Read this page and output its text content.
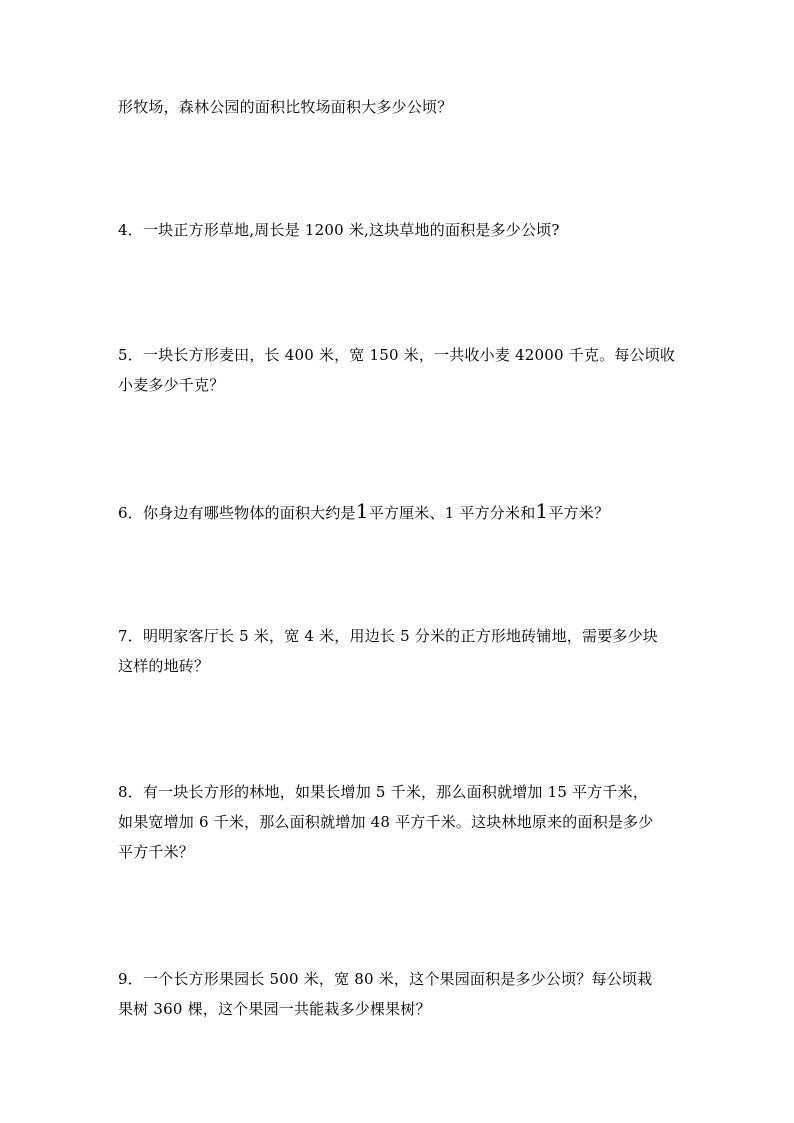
形牧场，森林公园的面积比牧场面积大多少公顷？
4．一块正方形草地,周长是 1200 米,这块草地的面积是多少公顷?
5．一块长方形麦田，长 400 米，宽 150 米，一共收小麦 42000 千克。每公顷收
小麦多少千克？
6．你身边有哪些物体的面积大约是1平方厘米、1 平方分米和1平方米？
7．明明家客厅长 5 米，宽 4 米，用边长 5 分米的正方形地砖铺地，需要多少块
这样的地砖？
8．有一块长方形的林地，如果长增加 5 千米，那么面积就增加 15 平方千米，
如果宽增加 6 千米，那么面积就增加 48 平方千米。这块林地原来的面积是多少
平方千米？
9．一个长方形果园长 500 米，宽 80 米，这个果园面积是多少公顷？每公顷栽
果树 360 棵，这个果园一共能栽多少棵果树？
